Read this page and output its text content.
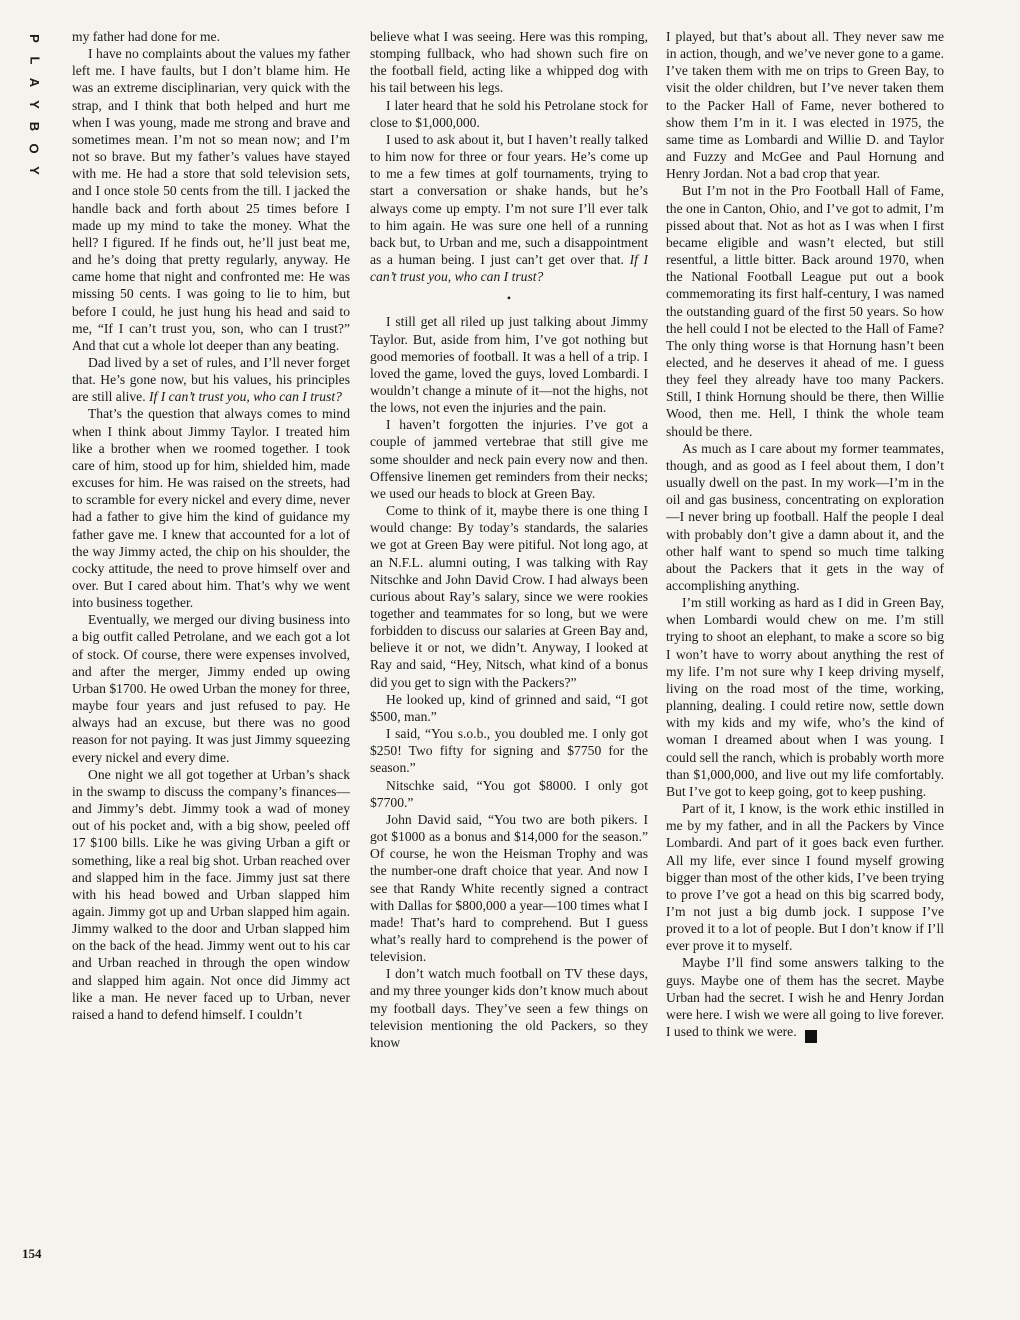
P
L
A
Y
B
O
Y
154

my father had done for me.

I have no complaints about the values my father left me. I have faults, but I don’t blame him. He was an extreme disciplinarian, very quick with the strap, and I think that both helped and hurt me when I was young, made me strong and brave and sometimes mean. I’m not so mean now; and I’m not so brave. But my father’s values have stayed with me. He had a store that sold television sets, and I once stole 50 cents from the till. I jacked the handle back and forth about 25 times before I made up my mind to take the money. What the hell? I figured. If he finds out, he’ll just beat me, and he’s doing that pretty regularly, anyway. He came home that night and confronted me: He was missing 50 cents. I was going to lie to him, but before I could, he just hung his head and said to me, “If I can’t trust you, son, who can I trust?” And that cut a whole lot deeper than any beating.

Dad lived by a set of rules, and I’ll never forget that. He’s gone now, but his values, his principles are still alive. If I can’t trust you, who can I trust?

That’s the question that always comes to mind when I think about Jimmy Taylor. I treated him like a brother when we roomed together. I took care of him, stood up for him, shielded him, made excuses for him. He was raised on the streets, had to scramble for every nickel and every dime, never had a father to give him the kind of guidance my father gave me. I knew that accounted for a lot of the way Jimmy acted, the chip on his shoulder, the cocky attitude, the need to prove himself over and over. But I cared about him. That’s why we went into business together.

Eventually, we merged our diving business into a big outfit called Petrolane, and we each got a lot of stock. Of course, there were expenses involved, and after the merger, Jimmy ended up owing Urban $1700. He owed Urban the money for three, maybe four years and just refused to pay. He always had an excuse, but there was no good reason for not paying. It was just Jimmy squeezing every nickel and every dime.

One night we all got together at Urban’s shack in the swamp to discuss the company’s finances—and Jimmy’s debt. Jimmy took a wad of money out of his pocket and, with a big show, peeled off 17 $100 bills. Like he was giving Urban a gift or something, like a real big shot. Urban reached over and slapped him in the face. Jimmy just sat there with his head bowed and Urban slapped him again. Jimmy got up and Urban slapped him again. Jimmy walked to the door and Urban slapped him on the back of the head. Jimmy went out to his car and Urban reached in through the open window and slapped him again. Not once did Jimmy act like a man. He never faced up to Urban, never raised a hand to defend himself. I couldn’t

believe what I was seeing. Here was this romping, stomping fullback, who had shown such fire on the football field, acting like a whipped dog with his tail between his legs.

I later heard that he sold his Petrolane stock for close to $1,000,000.

I used to ask about it, but I haven’t really talked to him now for three or four years. He’s come up to me a few times at golf tournaments, trying to start a conversation or shake hands, but he’s always come up empty. I’m not sure I’ll ever talk to him again. He was sure one hell of a running back but, to Urban and me, such a disappointment as a human being. I just can’t get over that. If I can’t trust you, who can I trust?

•

I still get all riled up just talking about Jimmy Taylor. But, aside from him, I’ve got nothing but good memories of football. It was a hell of a trip. I loved the game, loved the guys, loved Lombardi. I wouldn’t change a minute of it—not the highs, not the lows, not even the injuries and the pain.

I haven’t forgotten the injuries. I’ve got a couple of jammed vertebrae that still give me some shoulder and neck pain every now and then. Offensive linemen get reminders from their necks; we used our heads to block at Green Bay.

Come to think of it, maybe there is one thing I would change: By today’s standards, the salaries we got at Green Bay were pitiful. Not long ago, at an N.F.L. alumni outing, I was talking with Ray Nitschke and John David Crow. I had always been curious about Ray’s salary, since we were rookies together and teammates for so long, but we were forbidden to discuss our salaries at Green Bay and, believe it or not, we didn’t. Anyway, I looked at Ray and said, “Hey, Nitsch, what kind of a bonus did you get to sign with the Packers?”

He looked up, kind of grinned and said, “I got $500, man.”

I said, “You s.o.b., you doubled me. I only got $250! Two fifty for signing and $7750 for the season.”

Nitschke said, “You got $8000. I only got $7700.”

John David said, “You two are both pikers. I got $1000 as a bonus and $14,000 for the season.” Of course, he won the Heisman Trophy and was the number-one draft choice that year. And now I see that Randy White recently signed a contract with Dallas for $800,000 a year—100 times what I made! That’s hard to comprehend. But I guess what’s really hard to comprehend is the power of television.

I don’t watch much football on TV these days, and my three younger kids don’t know much about my football days. They’ve seen a few things on television mentioning the old Packers, so they know

I played, but that’s about all. They never saw me in action, though, and we’ve never gone to a game. I’ve taken them with me on trips to Green Bay, to visit the older children, but I’ve never taken them to the Packer Hall of Fame, never bothered to show them I’m in it. I was elected in 1975, the same time as Lombardi and Willie D. and Taylor and Fuzzy and McGee and Paul Hornung and Henry Jordan. Not a bad crop that year.

But I’m not in the Pro Football Hall of Fame, the one in Canton, Ohio, and I’ve got to admit, I’m pissed about that. Not as hot as I was when I first became eligible and wasn’t elected, but still resentful, a little bitter. Back around 1970, when the National Football League put out a book commemorating its first half-century, I was named the outstanding guard of the first 50 years. So how the hell could I not be elected to the Hall of Fame? The only thing worse is that Hornung hasn’t been elected, and he deserves it ahead of me. I guess they feel they already have too many Packers. Still, I think Hornung should be there, then Willie Wood, then me. Hell, I think the whole team should be there.

As much as I care about my former teammates, though, and as good as I feel about them, I don’t usually dwell on the past. In my work—I’m in the oil and gas business, concentrating on exploration—I never bring up football. Half the people I deal with probably don’t give a damn about it, and the other half want to spend so much time talking about the Packers that it gets in the way of accomplishing anything.

I’m still working as hard as I did in Green Bay, when Lombardi would chew on me. I’m still trying to shoot an elephant, to make a score so big I won’t have to worry about anything the rest of my life. I’m not sure why I keep driving myself, living on the road most of the time, working, planning, dealing. I could retire now, settle down with my kids and my wife, who’s the kind of woman I dreamed about when I was young. I could sell the ranch, which is probably worth more than $1,000,000, and live out my life comfortably. But I’ve got to keep going, got to keep pushing.

Part of it, I know, is the work ethic instilled in me by my father, and in all the Packers by Vince Lombardi. And part of it goes back even further. All my life, ever since I found myself growing bigger than most of the other kids, I’ve been trying to prove I’ve got a head on this big scarred body, I’m not just a big dumb jock. I suppose I’ve proved it to a lot of people. But I don’t know if I’ll ever prove it to myself.

Maybe I’ll find some answers talking to the guys. Maybe one of them has the secret. Maybe Urban had the secret. I wish he and Henry Jordan were here. I wish we were all going to live forever. I used to think we were.	♠
